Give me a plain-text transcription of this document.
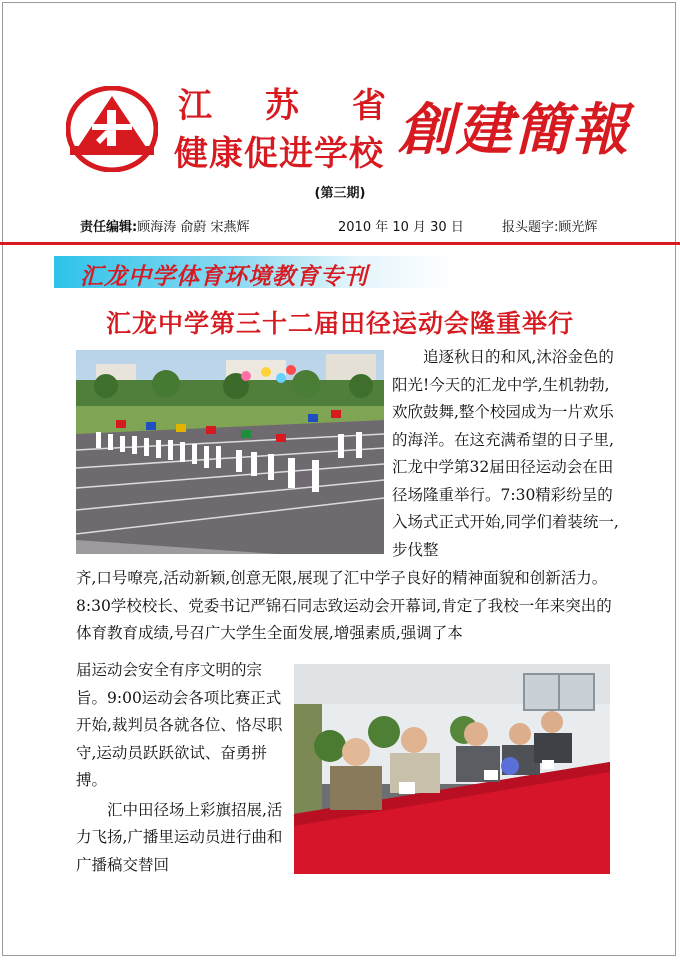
江 苏 省
健康促进学校 創建簡報
(第三期)
责任编辑:顾海涛 俞蔚 宋燕辉	2010 年 10 月 30 日	报头题字:顾光辉
汇龙中学体育环境教育专刊
汇龙中学第三十二届田径运动会隆重举行
追逐秋日的和风,沐浴金色的阳光!今天的汇龙中学,生机勃勃,欢欣鼓舞,整个校园成为一片欢乐的海洋。在这充满希望的日子里,汇龙中学第32届田径运动会在田径场隆重举行。7:30精彩纷呈的入场式正式开始,同学们着装统一,步伐整
齐,口号嘹亮,活动新颖,创意无限,展现了汇中学子良好的精神面貌和创新活力。8:30学校校长、党委书记严锦石同志致运动会开幕词,肯定了我校一年来突出的体育教育成绩,号召广大学生全面发展,增强素质,强调了本
届运动会安全有序文明的宗旨。9:00运动会各项比赛正式开始,裁判员各就各位、恪尽职守,运动员跃跃欲试、奋勇拼搏。
汇中田径场上彩旗招展,活力飞扬,广播里运动员进行曲和广播稿交替回
